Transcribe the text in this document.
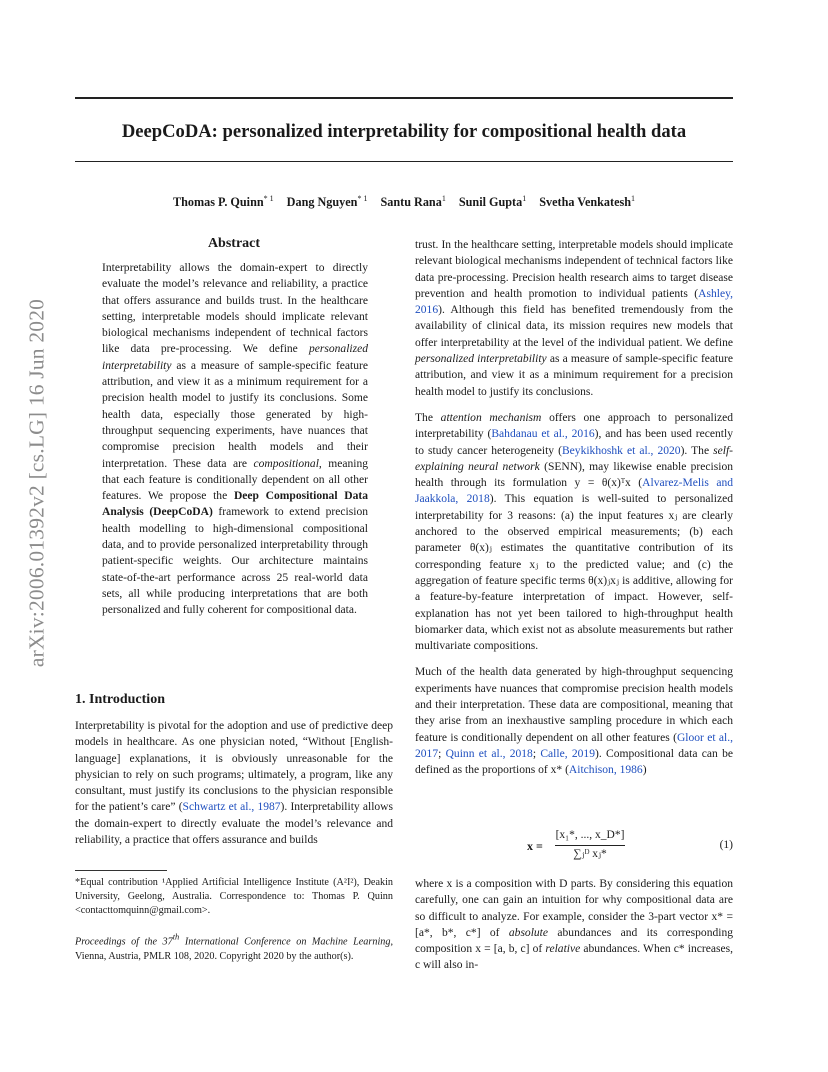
DeepCoDA: personalized interpretability for compositional health data
Thomas P. Quinn$^{* 1}$ Dang Nguyen$^{* 1}$ Santu Rana$^1$ Sunil Gupta$^1$ Svetha Venkatesh$^1$
arXiv:2006.01392v2 [cs.LG] 16 Jun 2020
Abstract

Interpretability allows the domain-expert to directly evaluate the model’s relevance and reliability, a practice that offers assurance and builds trust. In the healthcare setting, interpretable models should implicate relevant biological mechanisms independent of technical factors like data pre-processing. We define personalized interpretability as a measure of sample-specific feature attribution, and view it as a minimum requirement for a precision health model to justify its conclusions. Some health data, especially those generated by high-throughput sequencing experiments, have nuances that compromise precision health models and their interpretation. These data are compositional, meaning that each feature is conditionally dependent on all other features. We propose the Deep Compositional Data Analysis (DeepCoDA) framework to extend precision health modelling to high-dimensional compositional data, and to provide personalized interpretability through patient-specific weights. Our architecture maintains state-of-the-art performance across 25 real-world data sets, all while producing interpretations that are both personalized and fully coherent for compositional data.

1. Introduction

Interpretability is pivotal for the adoption and use of predictive deep models in healthcare. As one physician noted, “Without [English-language] explanations, it is obviously unreasonable for the physician to rely on such programs; ultimately, a program, like any consultant, must justify its conclusions to the physician responsible for the patient’s care” (Schwartz et al., 1987). Interpretability allows the domain-expert to directly evaluate the model’s relevance and reliability, a practice that offers assurance and builds

*Equal contribution ¹Applied Artificial Intelligence Institute (A²I²), Deakin University, Geelong, Australia. Correspondence to: Thomas P. Quinn <contacttomquinn@gmail.com>.

Proceedings of the 37th International Conference on Machine Learning, Vienna, Austria, PMLR 108, 2020. Copyright 2020 by the author(s).

trust. In the healthcare setting, interpretable models should implicate relevant biological mechanisms independent of technical factors like data pre-processing. Precision health research aims to target disease prevention and health promotion to individual patients (Ashley, 2016). Although this field has benefited tremendously from the availability of clinical data, its mission requires new models that offer interpretability at the level of the individual patient. We define personalized interpretability as a measure of sample-specific feature attribution, and view it as a minimum requirement for a precision health model to justify its conclusions.

The attention mechanism offers one approach to personalized interpretability (Bahdanau et al., 2016), and has been used recently to study cancer heterogeneity (Beykikhoshk et al., 2020). The self-explaining neural network (SENN), may likewise enable precision health through its formulation y = θ(x)ᵀx (Alvarez-Melis and Jaakkola, 2018). This equation is well-suited to personalized interpretability for 3 reasons: (a) the input features xⱼ are clearly anchored to the observed empirical measurements; (b) each parameter θ(x)ⱼ estimates the quantitative contribution of its corresponding feature xⱼ to the predicted value; and (c) the aggregation of feature specific terms θ(x)ⱼxⱼ is additive, allowing for a feature-by-feature interpretation of impact. However, self-explanation has not yet been tailored to high-throughput health biomarker data, which exist not as absolute measurements but rather multivariate compositions.

Much of the health data generated by high-throughput sequencing experiments have nuances that compromise precision health models and their interpretation. These data are compositional, meaning that they arise from an inexhaustive sampling procedure in which each feature is conditionally dependent on all other features (Gloor et al., 2017; Quinn et al., 2018; Calle, 2019). Compositional data can be defined as the proportions of x* (Aitchison, 1986)

$x = \frac{\text{[x₁*, ..., x\_D*]}}{\text{∑ⱼᴰ xⱼ*}}$	(1)

where x is a composition with D parts. By considering this equation carefully, one can gain an intuition for why compositional data are so difficult to analyze. For example, consider the 3-part vector x* = [a*, b*, c*] of absolute abundances and its corresponding composition x = [a, b, c] of relative abundances. When c* increases, c will also in-
